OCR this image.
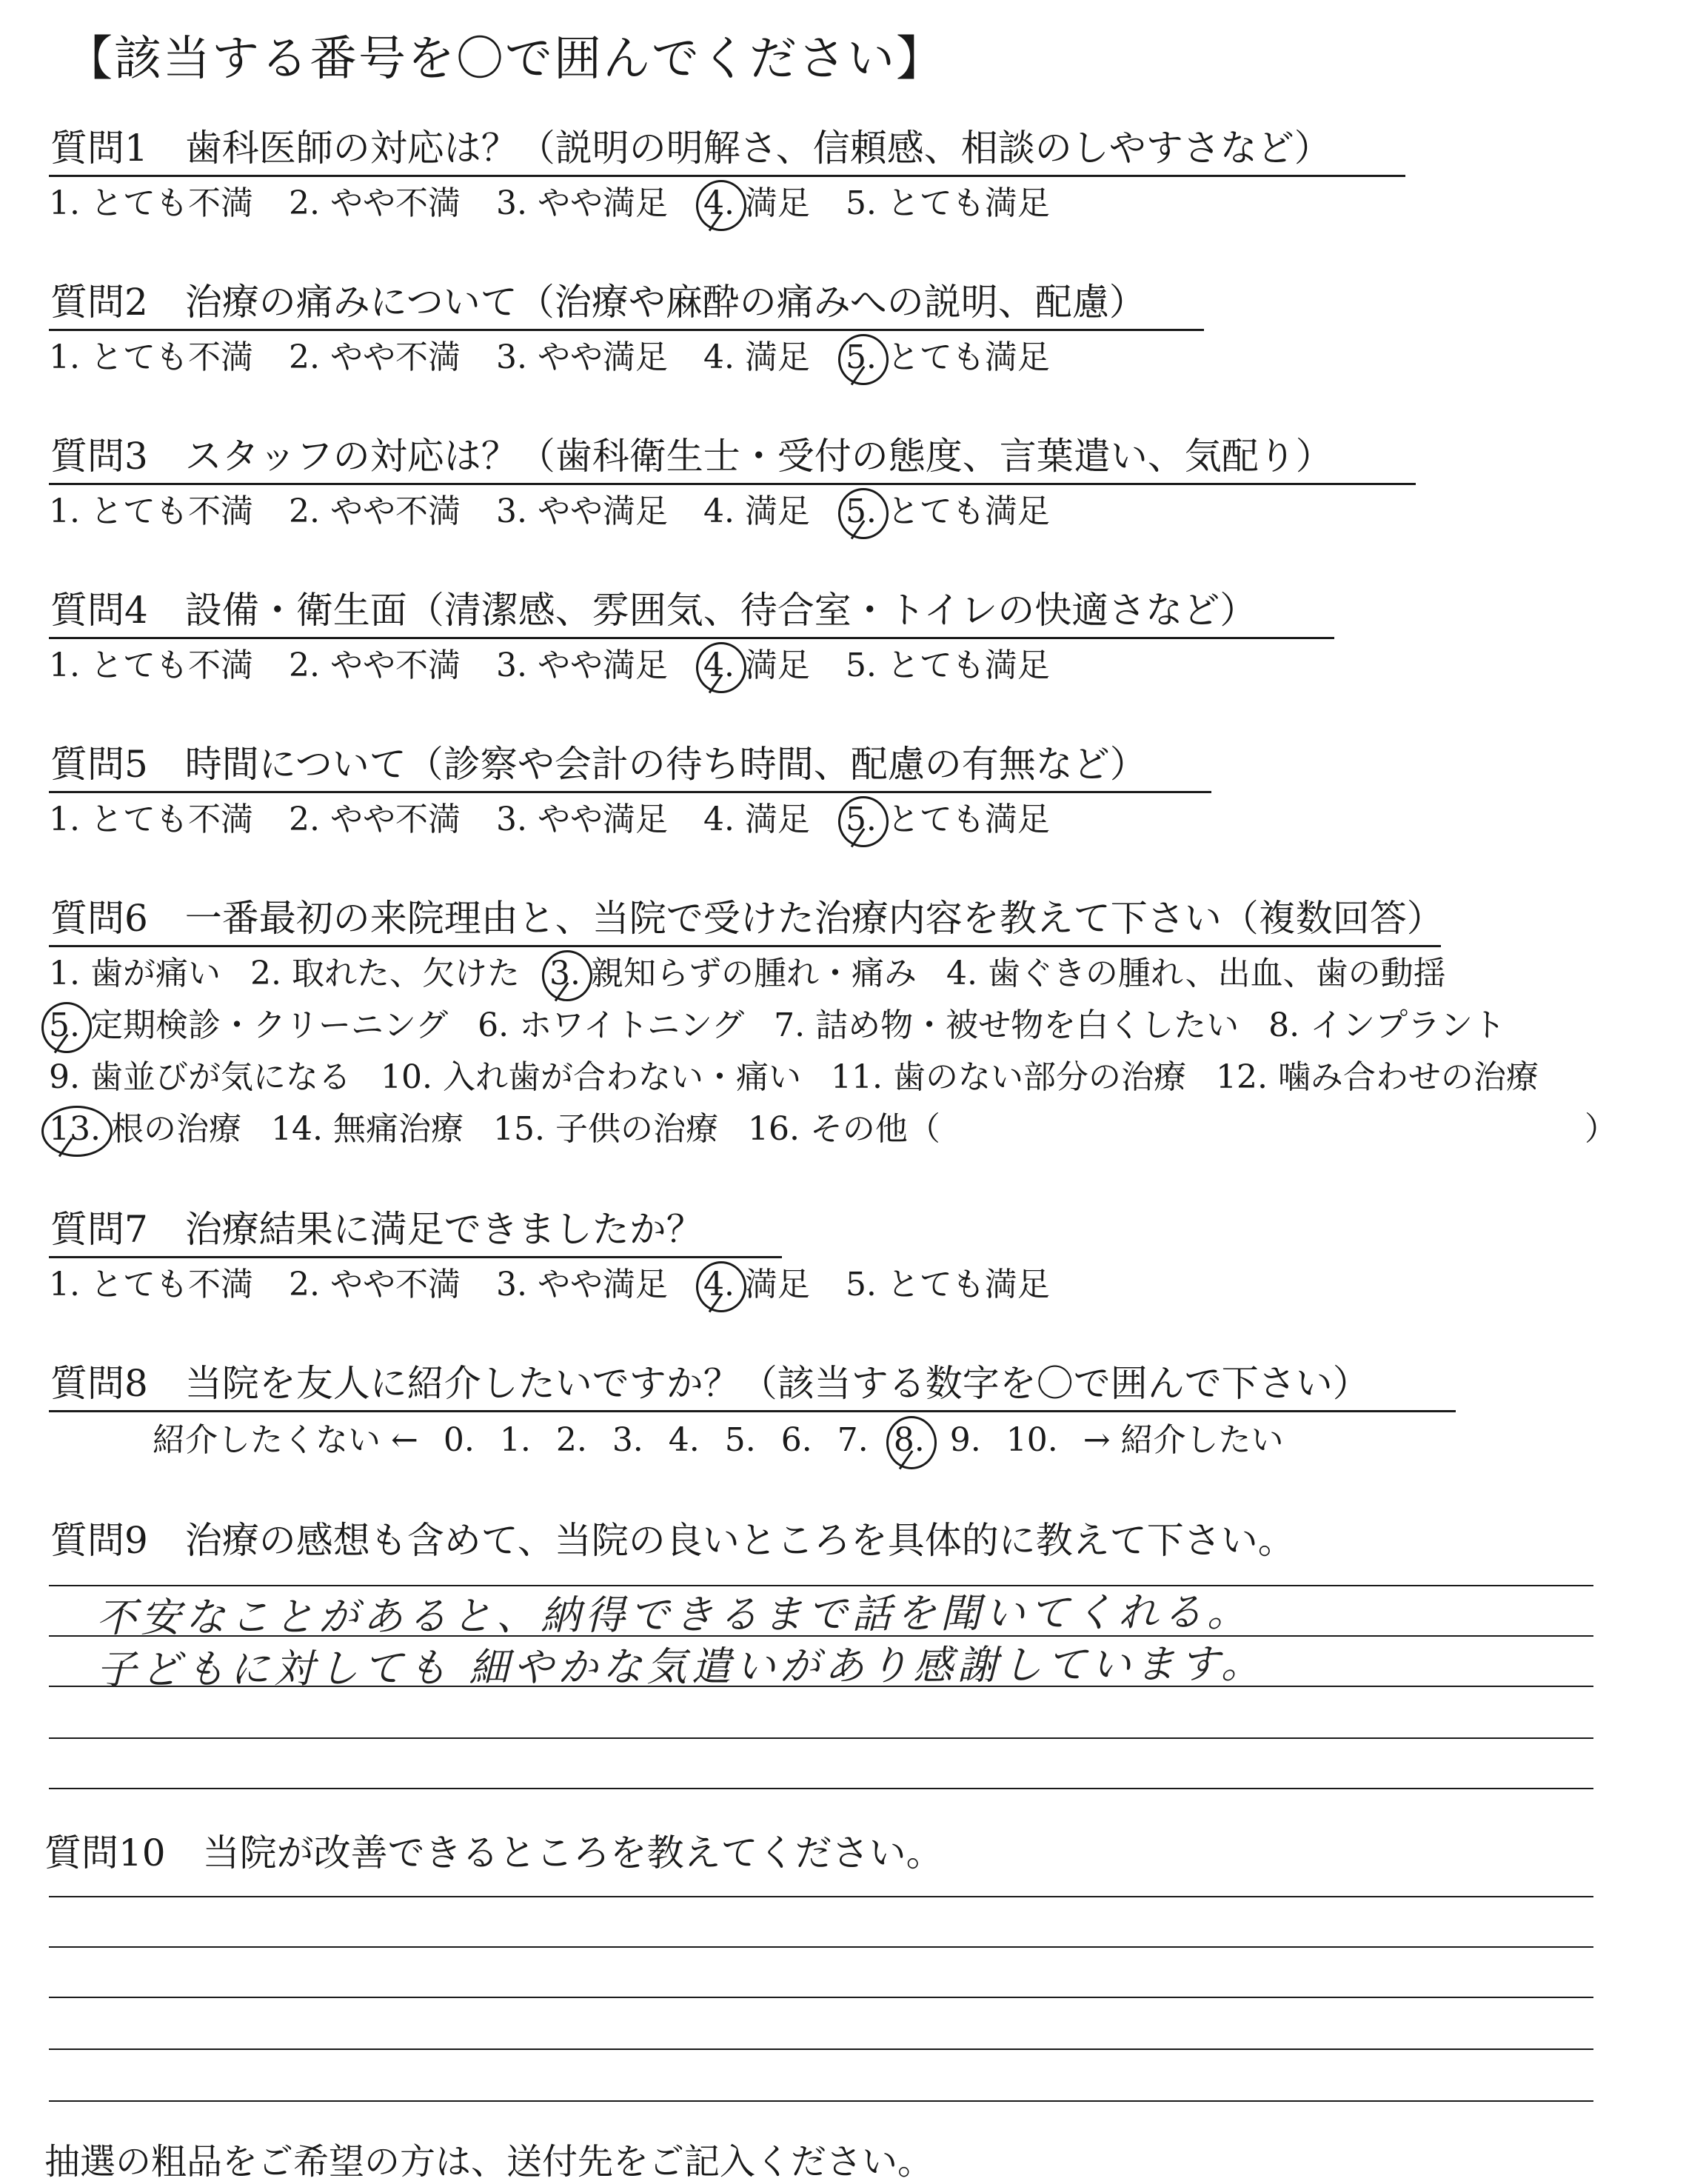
【該当する番号を〇で囲んでください】
質問1　歯科医師の対応は？（説明の明解さ、信頼感、相談のしやすさなど）
1. とても不満 2. やや不満 3. やや満足 4. 満足 5. とても満足
質問2　治療の痛みについて（治療や麻酔の痛みへの説明、配慮）
1. とても不満 2. やや不満 3. やや満足 4. 満足 5. とても満足
質問3　スタッフの対応は？（歯科衛生士・受付の態度、言葉遣い、気配り）
1. とても不満 2. やや不満 3. やや満足 4. 満足 5. とても満足
質問4　設備・衛生面（清潔感、雰囲気、待合室・トイレの快適さなど）
1. とても不満 2. やや不満 3. やや満足 4. 満足 5. とても満足
質問5　時間について（診察や会計の待ち時間、配慮の有無など）
1. とても不満 2. やや不満 3. やや満足 4. 満足 5. とても満足
質問6　一番最初の来院理由と、当院で受けた治療内容を教えて下さい（複数回答）
1. 歯が痛い 2. 取れた、欠けた 3. 親知らずの腫れ・痛み 4. 歯ぐきの腫れ、出血、歯の動揺
5. 定期検診・クリーニング 6. ホワイトニング 7. 詰め物・被せ物を白くしたい 8. インプラント
9. 歯並びが気になる 10. 入れ歯が合わない・痛い 11. 歯のない部分の治療 12. 噛み合わせの治療
13. 根の治療 14. 無痛治療 15. 子供の治療 16. その他（	）
質問7　治療結果に満足できましたか？
1. とても不満 2. やや不満 3. やや満足 4. 満足 5. とても満足
質問8　当院を友人に紹介したいですか？（該当する数字を〇で囲んで下さい）
紹介したくない ← 0. 1. 2. 3. 4. 5. 6. 7. 8. 9. 10. → 紹介したい
質問9　治療の感想も含めて、当院の良いところを具体的に教えて下さい。
不安なことがあると、納得できるまで話を聞いてくれる。
子どもに対しても 細やかな気遣いがあり感謝しています。
質問10　当院が改善できるところを教えてください。
抽選の粗品をご希望の方は、送付先をご記入ください。
